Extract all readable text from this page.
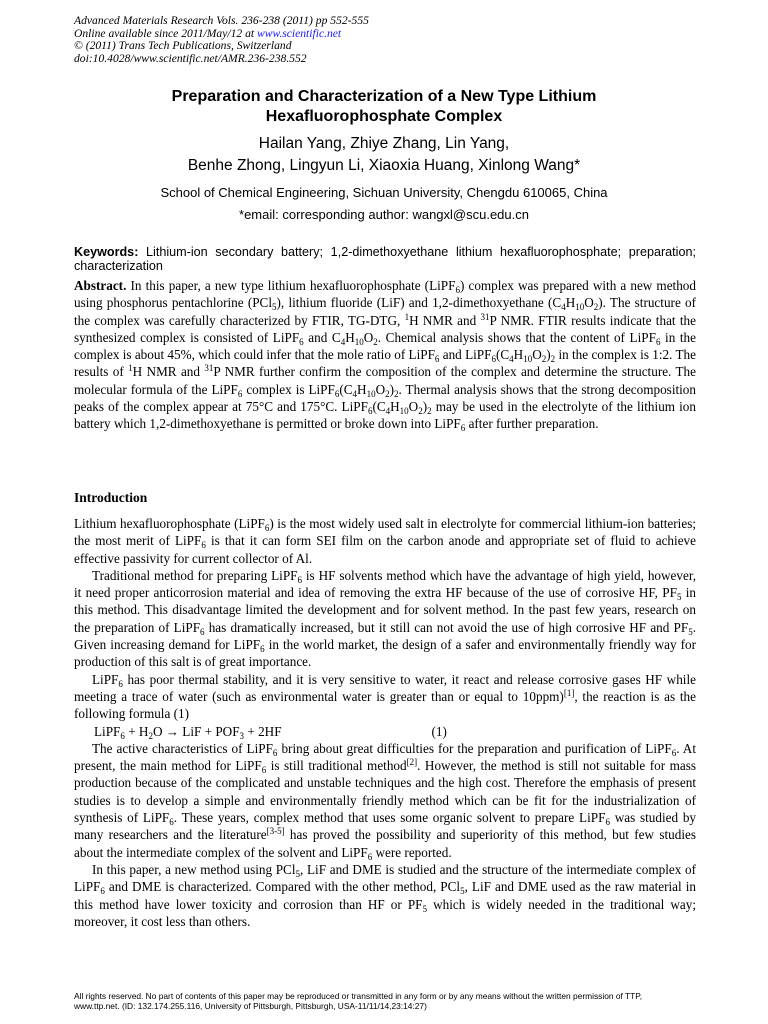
Advanced Materials Research Vols. 236-238 (2011) pp 552-555
Online available since 2011/May/12 at www.scientific.net
© (2011) Trans Tech Publications, Switzerland
doi:10.4028/www.scientific.net/AMR.236-238.552
Preparation and Characterization of a New Type Lithium
Hexafluorophosphate Complex
Hailan Yang, Zhiye Zhang, Lin Yang,
Benhe Zhong, Lingyun Li, Xiaoxia Huang, Xinlong Wang*
School of Chemical Engineering, Sichuan University, Chengdu 610065, China
*email: corresponding author: wangxl@scu.edu.cn
Keywords: Lithium-ion secondary battery; 1,2-dimethoxyethane lithium hexafluorophosphate; preparation; characterization

Abstract. In this paper, a new type lithium hexafluorophosphate (LiPF$_6$) complex was prepared with a new method using phosphorus pentachlorine (PCl$_5$), lithium fluoride (LiF) and 1,2-dimethoxyethane $(C_4H_{10}O_2)$. The structure of the complex was carefully characterized by FTIR, TG-DTG, $^1$H NMR and $^{31}$P NMR. FTIR results indicate that the synthesized complex is consisted of LiPF$_6$ and $C_4H_{10}O_2$. Chemical analysis shows that the content of LiPF$_6$ in the complex is about 45%, which could infer that the mole ratio of LiPF$_6$ and $LiPF_6(C_4H_{10}O_2)_2$ in the complex is 1:2. The results of $^1$H NMR and $^{31}$P NMR further confirm the composition of the complex and determine the structure. The molecular formula of the LiPF$_6$ complex is $LiPF_6(C_4H_{10}O_2)_2$. Thermal analysis shows that the strong decomposition peaks of the complex appear at 75°C and 175°C. $LiPF_6(C_4H_{10}O_2)_2$ may be used in the electrolyte of the lithium ion battery which 1,2-dimethoxyethane is permitted or broke down into LiPF$_6$ after further preparation.

Introduction

Lithium hexafluorophosphate (LiPF$_6$) is the most widely used salt in electrolyte for commercial lithium-ion batteries; the most merit of LiPF$_6$ is that it can form SEI film on the carbon anode and appropriate set of fluid to achieve effective passivity for current collector of Al.

Traditional method for preparing LiPF$_6$ is HF solvents method which have the advantage of high yield, however, it need proper anticorrosion material and idea of removing the extra HF because of the use of corrosive HF, $PF_5$ in this method. This disadvantage limited the development and for solvent method. In the past few years, research on the preparation of LiPF$_6$ has dramatically increased, but it still can not avoid the use of high corrosive HF and $PF_5$. Given increasing demand for LiPF$_6$ in the world market, the design of a safer and environmentally friendly way for production of this salt is of great importance.

LiPF$_6$ has poor thermal stability, and it is very sensitive to water, it react and release corrosive gases HF while meeting a trace of water (such as environmental water is greater than or equal to 10ppm)[1], the reaction is as the following formula (1)

LiPF$_6$ + $H_2O$ → LiF + $POF_3 + 2HF$	(1)

The active characteristics of LiPF$_6$ bring about great difficulties for the preparation and purification of LiPF$_6$. At present, the main method for LiPF$_6$ is still traditional method[2]. However, the method is still not suitable for mass production because of the complicated and unstable techniques and the high cost. Therefore the emphasis of present studies is to develop a simple and environmentally friendly method which can be fit for the industrialization of synthesis of LiPF$_6$. These years, complex method that uses some organic solvent to prepare LiPF$_6$ was studied by many researchers and the literature[3-5] has proved the possibility and superiority of this method, but few studies about the intermediate complex of the solvent and LiPF$_6$ were reported.

In this paper, a new method using PCl$_5$, LiF and DME is studied and the structure of the intermediate complex of LiPF$_6$ and DME is characterized. Compared with the other method, PCl$_5$, LiF and DME used as the raw material in this method have lower toxicity and corrosion than HF or $PF_5$ which is widely needed in the traditional way; moreover, it cost less than others.

All rights reserved. No part of contents of this paper may be reproduced or transmitted in any form or by any means without the written permission of TTP,
www.ttp.net. (ID: 132.174.255.116, University of Pittsburgh, Pittsburgh, USA-11/11/14,23:14:27)
